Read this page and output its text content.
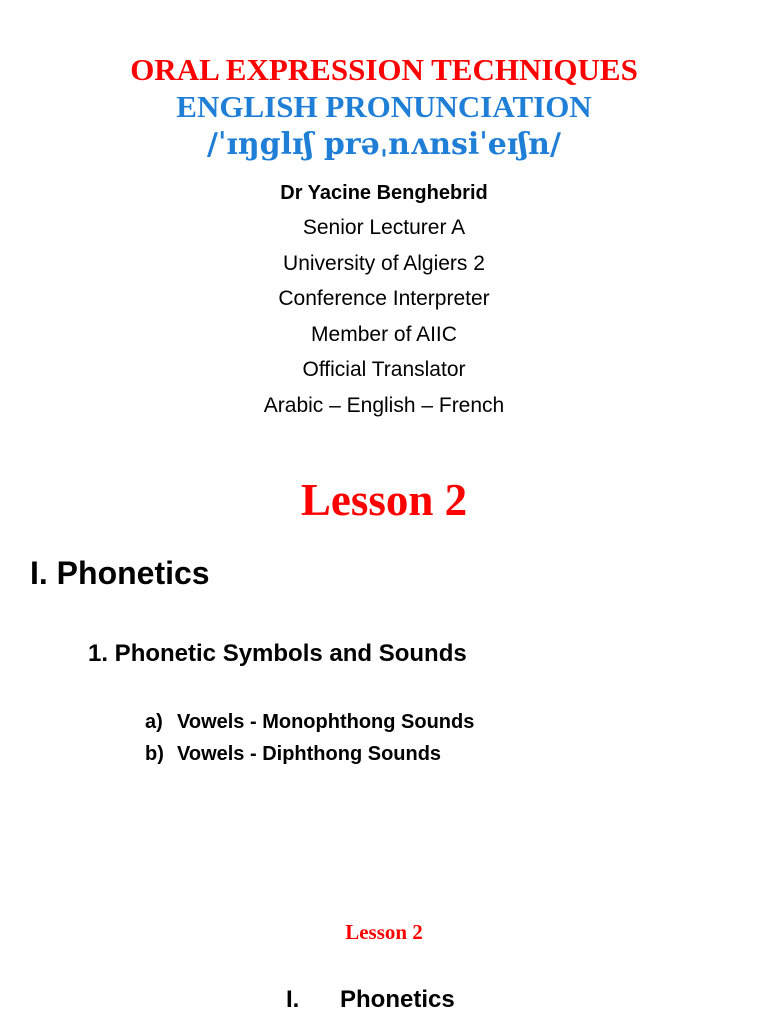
ORAL EXPRESSION TECHNIQUES
ENGLISH PRONUNCIATION
/ˈɪŋglɪʃ prəˌnʌnsiˈeɪʃn/
Dr Yacine Benghebrid
Senior Lecturer A
University of Algiers 2
Conference Interpreter
Member of AIIC
Official Translator
Arabic – English – French
Lesson 2
I. Phonetics
1. Phonetic Symbols and Sounds
a) Vowels - Monophthong Sounds
b) Vowels - Diphthong Sounds
Lesson 2
I. Phonetics
